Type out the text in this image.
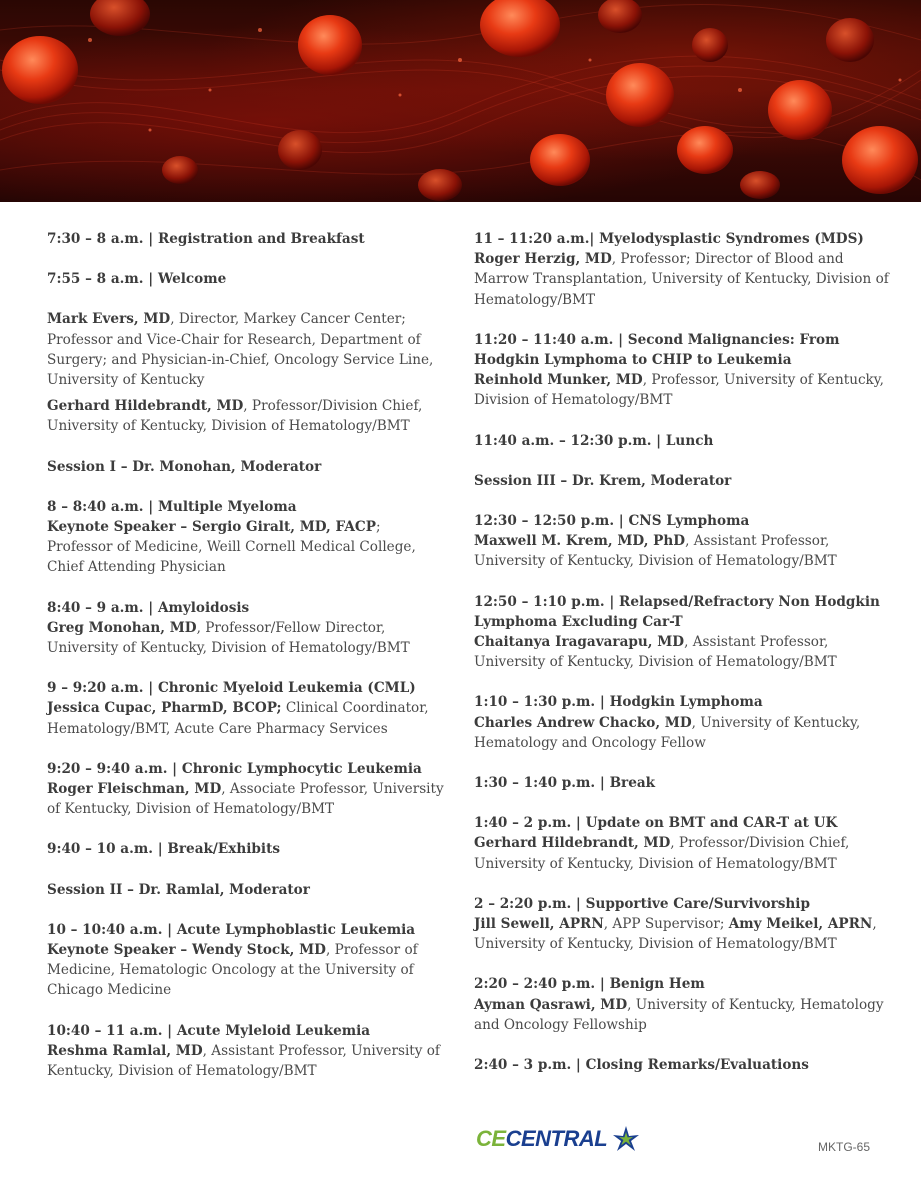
7:30 – 8 a.m. | Registration and Breakfast

7:55 – 8 a.m. | Welcome

Mark Evers, MD, Director, Markey Cancer Center; Professor and Vice-Chair for Research, Department of Surgery; and Physician-in-Chief, Oncology Service Line, University of Kentucky

Gerhard Hildebrandt, MD, Professor/Division Chief, University of Kentucky, Division of Hematology/BMT

Session I – Dr. Monohan, Moderator

8 – 8:40 a.m. | Multiple Myeloma

Keynote Speaker – Sergio Giralt, MD, FACP; Professor of Medicine, Weill Cornell Medical College, Chief Attending Physician

8:40 – 9 a.m. | Amyloidosis

Greg Monohan, MD, Professor/Fellow Director, University of Kentucky, Division of Hematology/BMT

9 – 9:20 a.m. | Chronic Myeloid Leukemia (CML)

Jessica Cupac, PharmD, BCOP; Clinical Coordinator, Hematology/BMT, Acute Care Pharmacy Services

9:20 – 9:40 a.m. | Chronic Lymphocytic Leukemia

Roger Fleischman, MD, Associate Professor, University of Kentucky, Division of Hematology/BMT

9:40 – 10 a.m. | Break/Exhibits

Session II – Dr. Ramlal, Moderator

10 – 10:40 a.m. | Acute Lymphoblastic Leukemia

Keynote Speaker – Wendy Stock, MD, Professor of Medicine, Hematologic Oncology at the University of Chicago Medicine

10:40 – 11 a.m. | Acute Myleloid Leukemia

Reshma Ramlal, MD, Assistant Professor, University of Kentucky, Division of Hematology/BMT

11 – 11:20 a.m.| Myelodysplastic Syndromes (MDS)

Roger Herzig, MD, Professor; Director of Blood and Marrow Transplantation, University of Kentucky, Division of Hematology/BMT

11:20 – 11:40 a.m. | Second Malignancies: From Hodgkin Lymphoma to CHIP to Leukemia

Reinhold Munker, MD, Professor, University of Kentucky, Division of Hematology/BMT

11:40 a.m. – 12:30 p.m. | Lunch

Session III – Dr. Krem, Moderator

12:30 – 12:50 p.m. | CNS Lymphoma

Maxwell M. Krem, MD, PhD, Assistant Professor, University of Kentucky, Division of Hematology/BMT

12:50 – 1:10 p.m. | Relapsed/Refractory Non Hodgkin Lymphoma Excluding Car-T

Chaitanya Iragavarapu, MD, Assistant Professor, University of Kentucky, Division of Hematology/BMT

1:10 – 1:30 p.m. | Hodgkin Lymphoma

Charles Andrew Chacko, MD, University of Kentucky, Hematology and Oncology Fellow

1:30 – 1:40 p.m. | Break

1:40 – 2 p.m. | Update on BMT and CAR-T at UK

Gerhard Hildebrandt, MD, Professor/Division Chief, University of Kentucky, Division of Hematology/BMT

2 – 2:20 p.m. | Supportive Care/Survivorship

Jill Sewell, APRN, APP Supervisor; Amy Meikel, APRN, University of Kentucky, Division of Hematology/BMT

2:20 – 2:40 p.m. | Benign Hem

Ayman Qasrawi, MD, University of Kentucky, Hematology and Oncology Fellowship

2:40 – 3 p.m. | Closing Remarks/Evaluations

CECENTRAL	MKTG-65
